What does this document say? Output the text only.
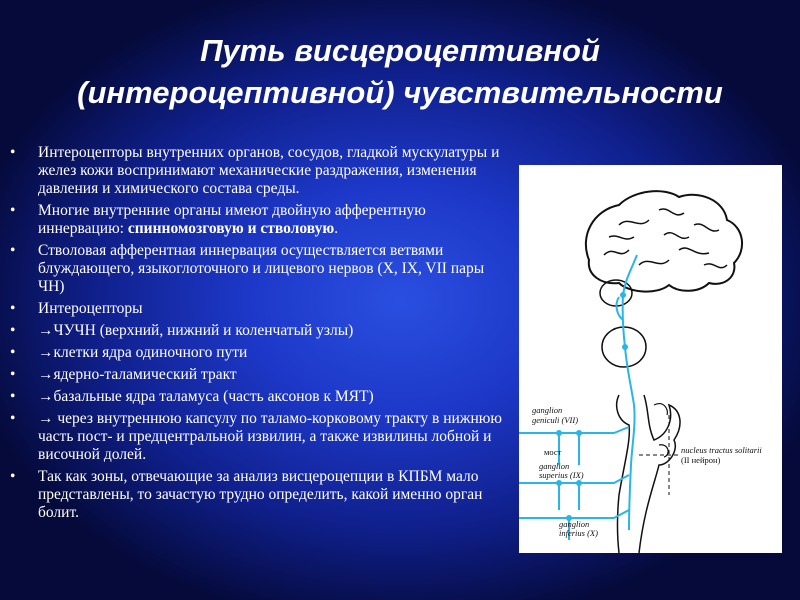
Путь висцероцептивной
(интероцептивной) чувствительности
• Интероцепторы внутренних органов, сосудов, гладкой мускулатуры и желез кожи воспринимают механические раздражения, изменения давления и химического состава среды.
• Многие внутренние органы имеют двойную афферентную иннервацию: спинномозговую и стволовую.
• Стволовая афферентная иннервация осуществляется ветвями блуждающего, языкоглоточного и лицевого нервов (X, IX, VII пары ЧН)
• Интероцепторы
• →ЧУЧН (верхний, нижний и коленчатый узлы)
• →клетки ядра одиночного пути
• →ядерно-таламический тракт
• →базальные ядра таламуса (часть аксонов к МЯТ)
• → через внутреннюю капсулу по таламо-корковому тракту в нижнюю часть пост- и предцентральной извилин, а также извилины лобной и височной долей.
• Так как зоны, отвечающие за анализ висцероцепции в КПБМ мало представлены, то зачастую трудно определить, какой именно орган болит.
ganglion
geniculi (VII)
мост
ganglion
superius (IX)
ganglion
inferius (X)
nucleus tractus solitarii
(II нейрон)
